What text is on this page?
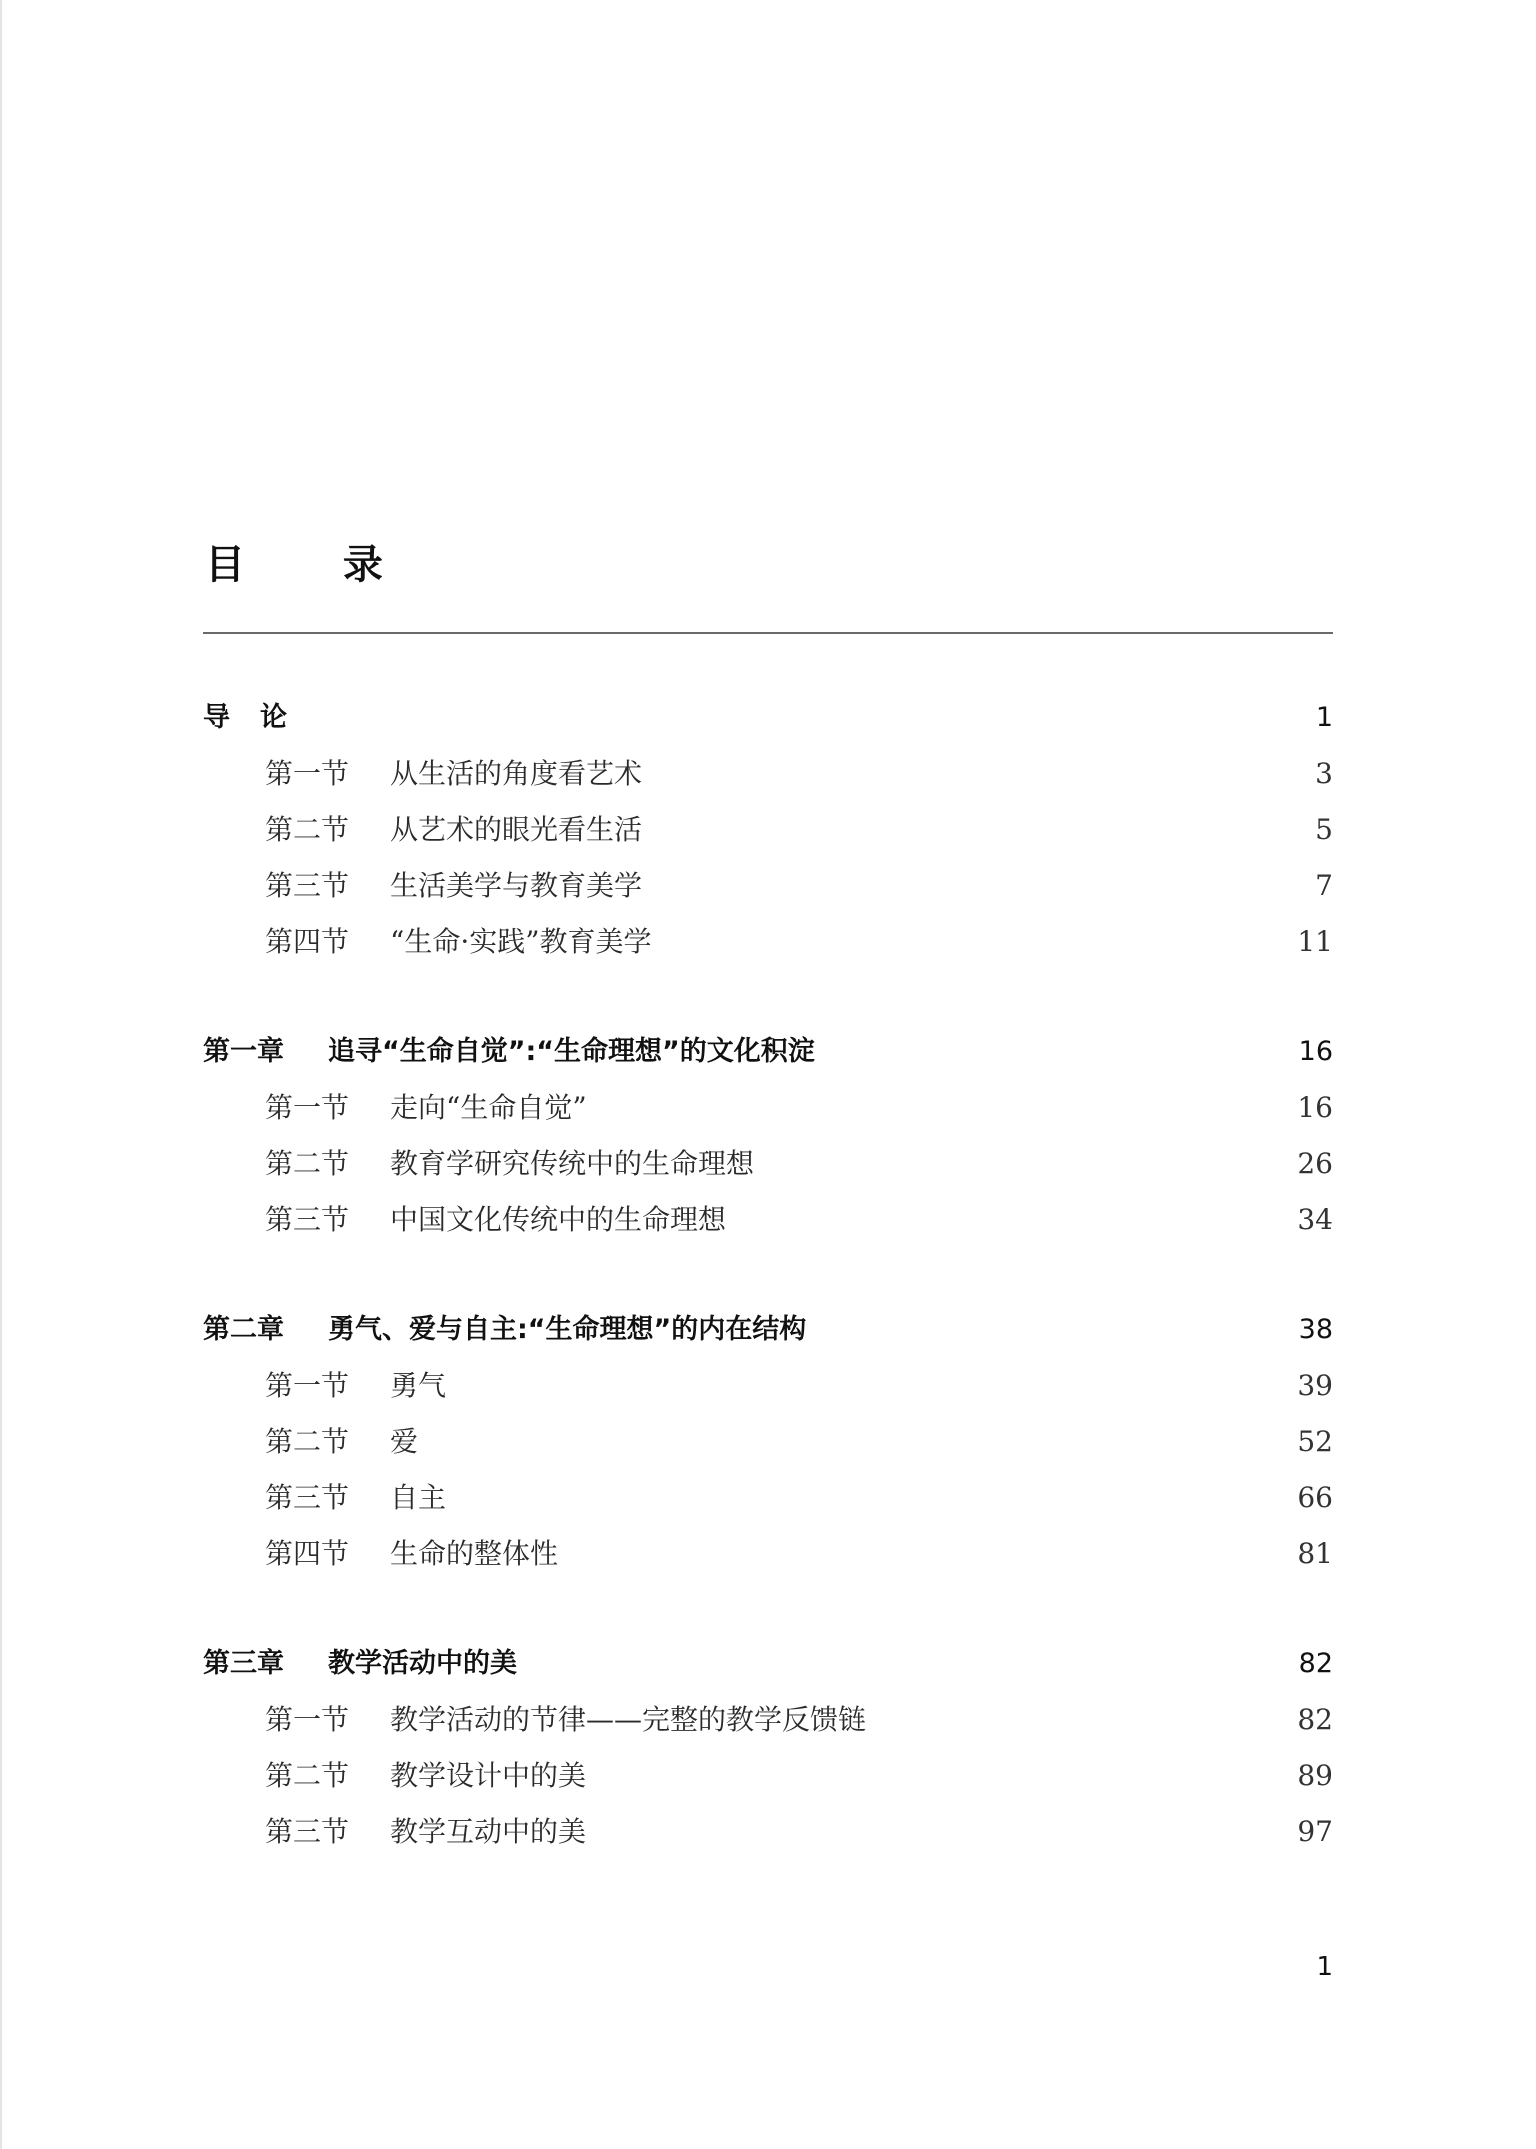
目 录
导论	1
第一节 从生活的角度看艺术	3
第二节 从艺术的眼光看生活	5
第三节 生活美学与教育美学	7
第四节 “生命·实践”教育美学	11
第一章 追寻“生命自觉”:“生命理想”的文化积淀	16
第一节 走向“生命自觉”	16
第二节 教育学研究传统中的生命理想	26
第三节 中国文化传统中的生命理想	34
第二章 勇气、爱与自主:“生命理想”的内在结构	38
第一节 勇气	39
第二节 爱	52
第三节 自主	66
第四节 生命的整体性	81
第三章 教学活动中的美	82
第一节 教学活动的节律——完整的教学反馈链	82
第二节 教学设计中的美	89
第三节 教学互动中的美	97
1
